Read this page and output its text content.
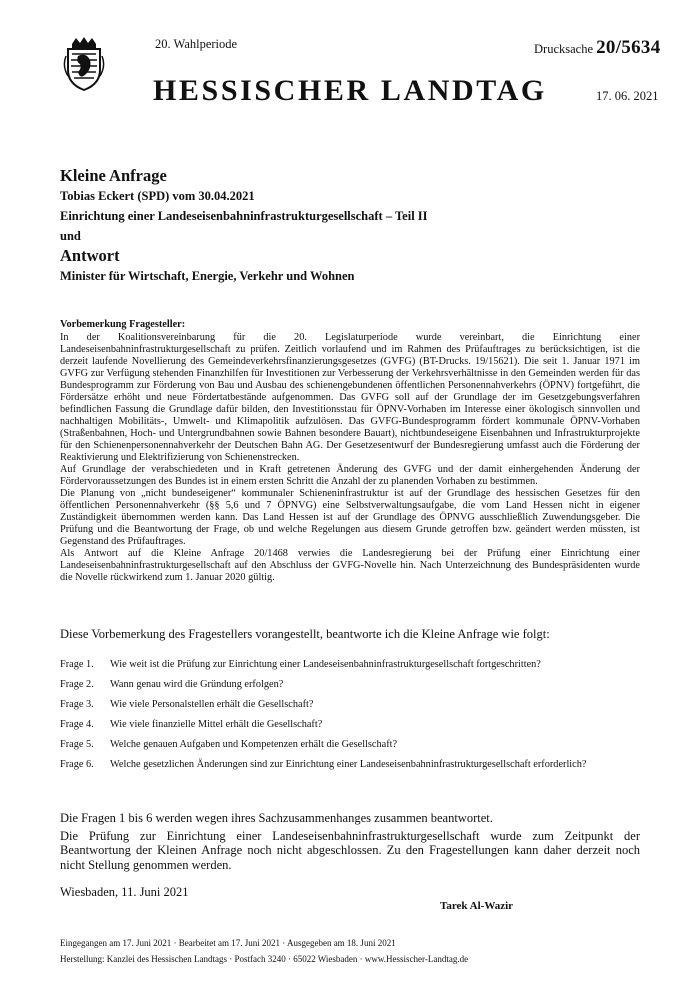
20. Wahlperiode	Drucksache 20/5634
HESSISCHER LANDTAG	17. 06. 2021
Kleine Anfrage
Tobias Eckert (SPD) vom 30.04.2021
Einrichtung einer Landeseisenbahninfrastrukturgesellschaft – Teil II
und
Antwort
Minister für Wirtschaft, Energie, Verkehr und Wohnen
Vorbemerkung Fragesteller:

In der Koalitionsvereinbarung für die 20. Legislaturperiode wurde vereinbart, die Einrichtung einer Landeseisenbahninfrastrukturgesellschaft zu prüfen. Zeitlich vorlaufend und im Rahmen des Prüfauftrages zu berücksichtigen, ist die derzeit laufende Novellierung des Gemeindeverkehrsfinanzierungsgesetzes (GVFG) (BT-Drucks. 19/15621). Die seit 1. Januar 1971 im GVFG zur Verfügung stehenden Finanzhilfen für Investitionen zur Verbesserung der Verkehrsverhältnisse in den Gemeinden werden für das Bundesprogramm zur Förderung von Bau und Ausbau des schienengebundenen öffentlichen Personennahverkehrs (ÖPNV) fortgeführt, die Fördersätze erhöht und neue Fördertatbestände aufgenommen. Das GVFG soll auf der Grundlage der im Gesetzgebungsverfahren befindlichen Fassung die Grundlage dafür bilden, den Investitionsstau für ÖPNV-Vorhaben im Interesse einer ökologisch sinnvollen und nachhaltigen Mobilitäts-, Umwelt- und Klimapolitik aufzulösen. Das GVFG-Bundesprogramm fördert kommunale ÖPNV-Vorhaben (Straßenbahnen, Hoch- und Untergrundbahnen sowie Bahnen besondere Bauart), nichtbundeseigene Eisenbahnen und Infrastrukturprojekte für den Schienenpersonennahverkehr der Deutschen Bahn AG. Der Gesetzesentwurf der Bundesregierung umfasst auch die Förderung der Reaktivierung und Elektrifizierung von Schienenstrecken.

Auf Grundlage der verabschiedeten und in Kraft getretenen Änderung des GVFG und der damit einhergehenden Änderung der Fördervoraussetzungen des Bundes ist in einem ersten Schritt die Anzahl der zu planenden Vorhaben zu bestimmen.

Die Planung von „nicht bundeseigener“ kommunaler Schieneninfrastruktur ist auf der Grundlage des hessischen Gesetzes für den öffentlichen Personennahverkehr (§§ 5,6 und 7 ÖPNVG) eine Selbstverwaltungsaufgabe, die vom Land Hessen nicht in eigener Zuständigkeit übernommen werden kann. Das Land Hessen ist auf der Grundlage des ÖPNVG ausschließlich Zuwendungsgeber. Die Prüfung und die Beantwortung der Frage, ob und welche Regelungen aus diesem Grunde getroffen bzw. geändert werden müssten, ist Gegenstand des Prüfauftrages.

Als Antwort auf die Kleine Anfrage 20/1468 verwies die Landesregierung bei der Prüfung einer Einrichtung einer Landeseisenbahninfrastrukturgesellschaft auf den Abschluss der GVFG-Novelle hin. Nach Unterzeichnung des Bundespräsidenten wurde die Novelle rückwirkend zum 1. Januar 2020 gültig.

Diese Vorbemerkung des Fragestellers vorangestellt, beantworte ich die Kleine Anfrage wie folgt:
Frage 1.	Wie weit ist die Prüfung zur Einrichtung einer Landeseisenbahninfrastrukturgesellschaft fortgeschritten?
Frage 2.	Wann genau wird die Gründung erfolgen?
Frage 3.	Wie viele Personalstellen erhält die Gesellschaft?
Frage 4.	Wie viele finanzielle Mittel erhält die Gesellschaft?
Frage 5.	Welche genauen Aufgaben und Kompetenzen erhält die Gesellschaft?
Frage 6.	Welche gesetzlichen Änderungen sind zur Einrichtung einer Landeseisenbahninfrastrukturgesellschaft erforderlich?

Die Fragen 1 bis 6 werden wegen ihres Sachzusammenhanges zusammen beantwortet.

Die Prüfung zur Einrichtung einer Landeseisenbahninfrastrukturgesellschaft wurde zum Zeitpunkt der Beantwortung der Kleinen Anfrage noch nicht abgeschlossen. Zu den Fragestellungen kann daher derzeit noch nicht Stellung genommen werden.

Wiesbaden, 11. Juni 2021
Tarek Al-Wazir
Eingegangen am 17. Juni 2021 · Bearbeitet am 17. Juni 2021 · Ausgegeben am 18. Juni 2021
Herstellung: Kanzlei des Hessischen Landtags · Postfach 3240 · 65022 Wiesbaden · www.Hessischer-Landtag.de
